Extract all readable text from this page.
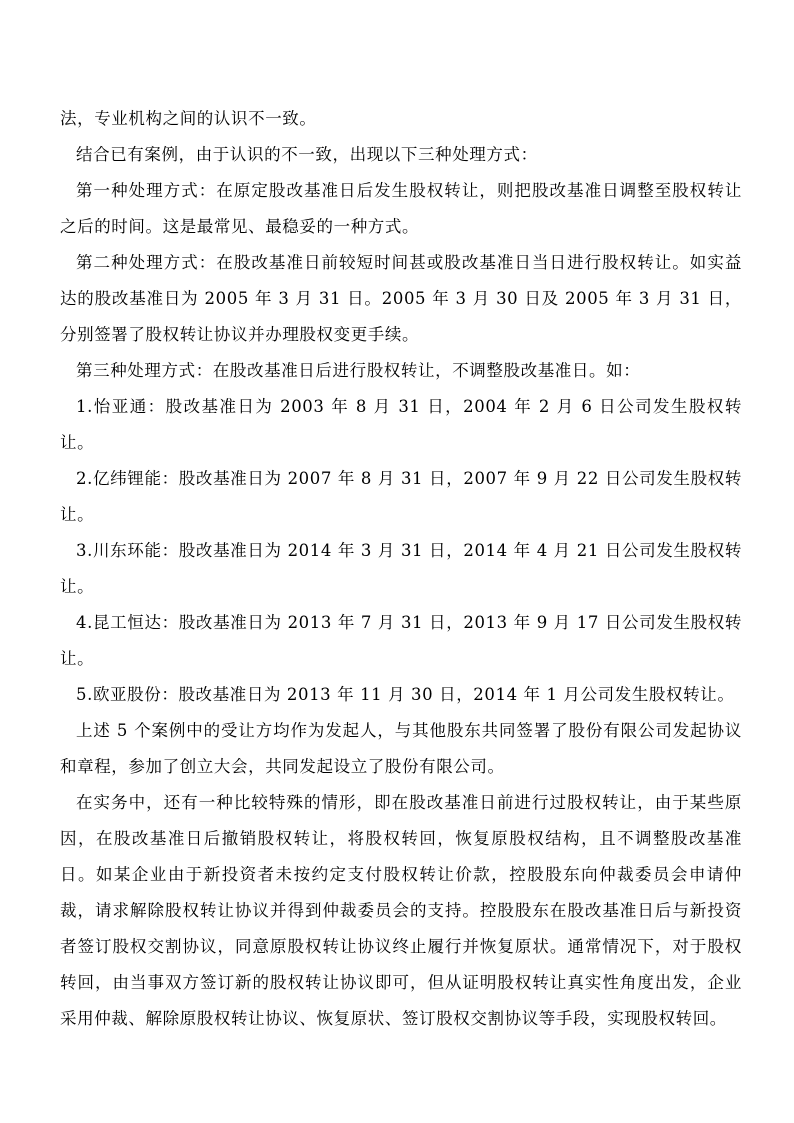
法，专业机构之间的认识不一致。

结合已有案例，由于认识的不一致，出现以下三种处理方式：

第一种处理方式：在原定股改基准日后发生股权转让，则把股改基准日调整至股权转让之后的时间。这是最常见、最稳妥的一种方式。

第二种处理方式：在股改基准日前较短时间甚或股改基准日当日进行股权转让。如实益达的股改基准日为 2005 年 3 月 31 日。2005 年 3 月 30 日及 2005 年 3 月 31 日，分别签署了股权转让协议并办理股权变更手续。

第三种处理方式：在股改基准日后进行股权转让，不调整股改基准日。如：

1.怡亚通：股改基准日为 2003 年 8 月 31 日，2004 年 2 月 6 日公司发生股权转让。

2.亿纬锂能：股改基准日为 2007 年 8 月 31 日，2007 年 9 月 22 日公司发生股权转让。

3.川东环能：股改基准日为 2014 年 3 月 31 日，2014 年 4 月 21 日公司发生股权转让。

4.昆工恒达：股改基准日为 2013 年 7 月 31 日，2013 年 9 月 17 日公司发生股权转让。

5.欧亚股份：股改基准日为 2013 年 11 月 30 日，2014 年 1 月公司发生股权转让。

上述 5 个案例中的受让方均作为发起人，与其他股东共同签署了股份有限公司发起协议和章程，参加了创立大会，共同发起设立了股份有限公司。

在实务中，还有一种比较特殊的情形，即在股改基准日前进行过股权转让，由于某些原因，在股改基准日后撤销股权转让，将股权转回，恢复原股权结构，且不调整股改基准日。如某企业由于新投资者未按约定支付股权转让价款，控股股东向仲裁委员会申请仲裁，请求解除股权转让协议并得到仲裁委员会的支持。控股股东在股改基准日后与新投资者签订股权交割协议，同意原股权转让协议终止履行并恢复原状。通常情况下，对于股权转回，由当事双方签订新的股权转让协议即可，但从证明股权转让真实性角度出发，企业采用仲裁、解除原股权转让协议、恢复原状、签订股权交割协议等手段，实现股权转回。
